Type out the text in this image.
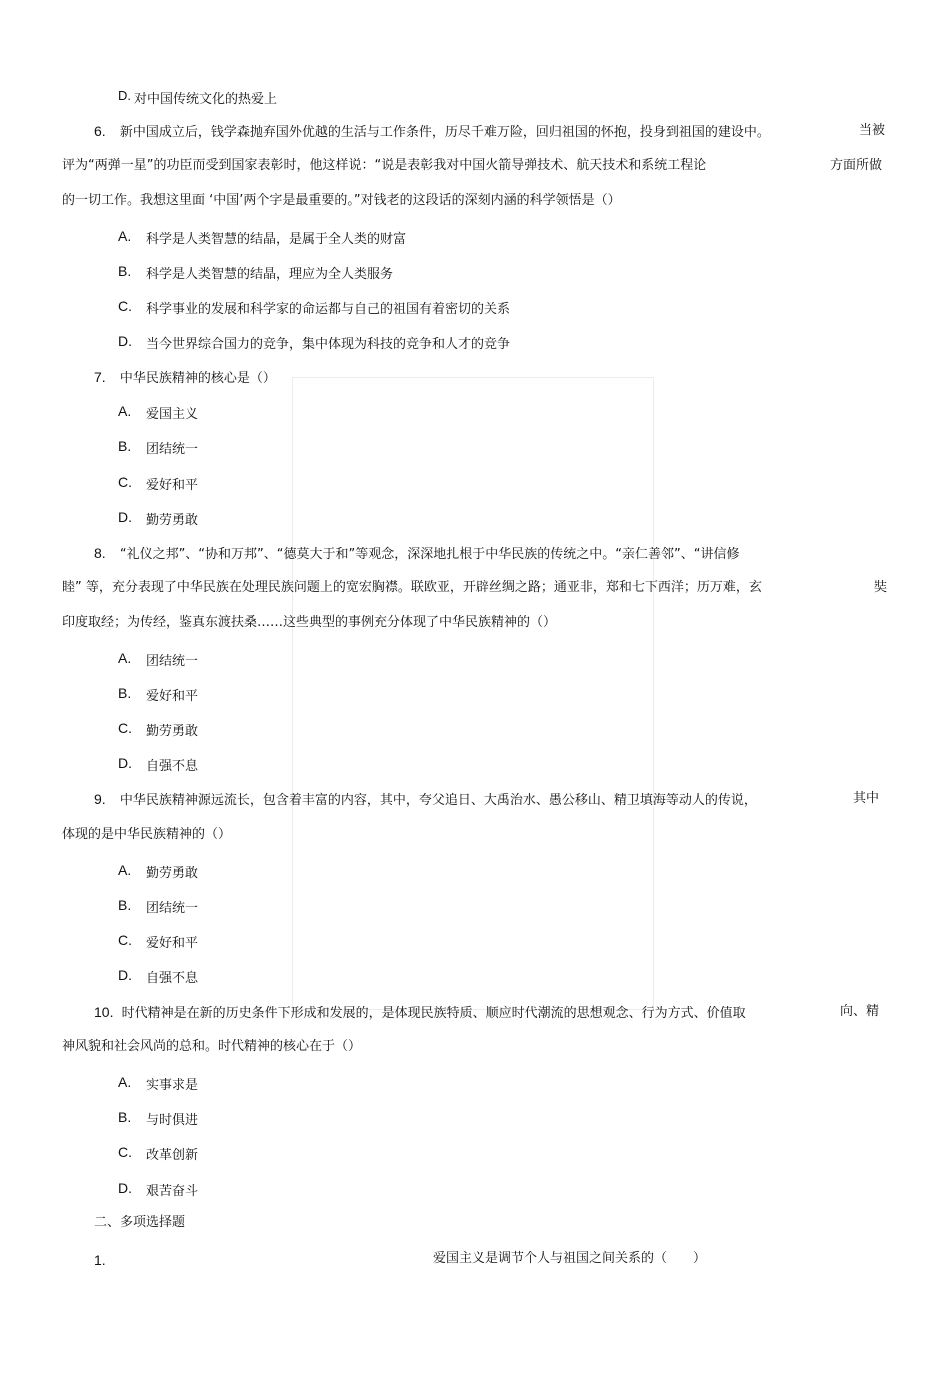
D. 对中国传统文化的热爱上
6. 新中国成立后，钱学森抛弃国外优越的生活与工作条件，历尽千难万险，回归祖国的怀抱，投身到祖国的建设中。	当被
评为“两弹一星”的功臣而受到国家表彰时，他这样说：“说是表彰我对中国火箭导弹技术、航天技术和系统工程论	方面所做
的一切工作。我想这里面 ‘中国’两个字是最重要的。”对钱老的这段话的深刻内涵的科学领悟是（）
A. 科学是人类智慧的结晶，是属于全人类的财富
B. 科学是人类智慧的结晶，理应为全人类服务
C. 科学事业的发展和科学家的命运都与自己的祖国有着密切的关系
D. 当今世界综合国力的竞争，集中体现为科技的竞争和人才的竞争
7. 中华民族精神的核心是（）
A. 爱国主义
B. 团结统一
C. 爱好和平
D. 勤劳勇敢
8. “礼仪之邦”、“协和万邦”、“德莫大于和”等观念，深深地扎根于中华民族的传统之中。“亲仁善邻”、“讲信修
睦” 等，充分表现了中华民族在处理民族问题上的宽宏胸襟。联欧亚，开辟丝绸之路；通亚非，郑和七下西洋；历万难，玄	奘
印度取经；为传经，鉴真东渡扶桑……这些典型的事例充分体现了中华民族精神的（）
A. 团结统一
B. 爱好和平
C. 勤劳勇敢
D. 自强不息
9. 中华民族精神源远流长，包含着丰富的内容，其中，夸父追日、大禹治水、愚公移山、精卫填海等动人的传说，	其中
体现的是中华民族精神的（）
A. 勤劳勇敢
B. 团结统一
C. 爱好和平
D. 自强不息
10. 时代精神是在新的历史条件下形成和发展的，是体现民族特质、顺应时代潮流的思想观念、行为方式、价值取	向、精
神风貌和社会风尚的总和。时代精神的核心在于（）
A. 实事求是
B. 与时俱进
C. 改革创新
D. 艰苦奋斗
二、多项选择题
1.	爱国主义是调节个人与祖国之间关系的（　　）
